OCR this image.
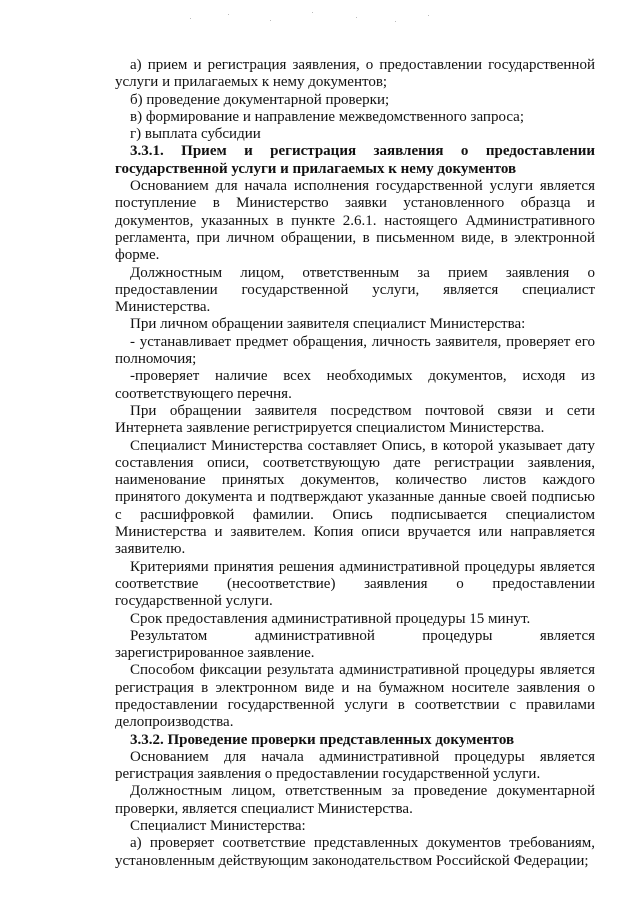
а) прием и регистрация заявления, о предоставлении государственной услуги и прилагаемых к нему документов;

б) проведение документарной проверки;

в) формирование и направление межведомственного запроса;

г) выплата субсидии

3.3.1. Прием и регистрация заявления о предоставлении государственной услуги и прилагаемых к нему документов

Основанием для начала исполнения государственной услуги является поступление в Министерство заявки установленного образца и документов, указанных в пункте 2.6.1. настоящего Административного регламента, при личном обращении, в письменном виде, в электронной форме.

Должностным лицом, ответственным за прием заявления о предоставлении государственной услуги, является специалист Министерства.

При личном обращении заявителя специалист Министерства:

- устанавливает предмет обращения, личность заявителя, проверяет его полномочия;

-проверяет наличие всех необходимых документов, исходя из соответствующего перечня.

При обращении заявителя посредством почтовой связи и сети Интернета заявление регистрируется специалистом Министерства.

Специалист Министерства составляет Опись, в которой указывает дату составления описи, соответствующую дате регистрации заявления, наименование принятых документов, количество листов каждого принятого документа и подтверждают указанные данные своей подписью с расшифровкой фамилии. Опись подписывается специалистом Министерства и заявителем. Копия описи вручается или направляется заявителю.

Критериями принятия решения административной процедуры является соответствие (несоответствие) заявления о предоставлении государственной услуги.

Срок предоставления административной процедуры 15 минут.

Результатом административной процедуры является зарегистрированное заявление.

Способом фиксации результата административной процедуры является регистрация в электронном виде и на бумажном носителе заявления о предоставлении государственной услуги в соответствии с правилами делопроизводства.

3.3.2. Проведение проверки представленных документов

Основанием для начала административной процедуры является регистрация заявления о предоставлении государственной услуги.

Должностным лицом, ответственным за проведение документарной проверки, является специалист Министерства.

Специалист Министерства:

а) проверяет соответствие представленных документов требованиям, установленным действующим законодательством Российской Федерации;
